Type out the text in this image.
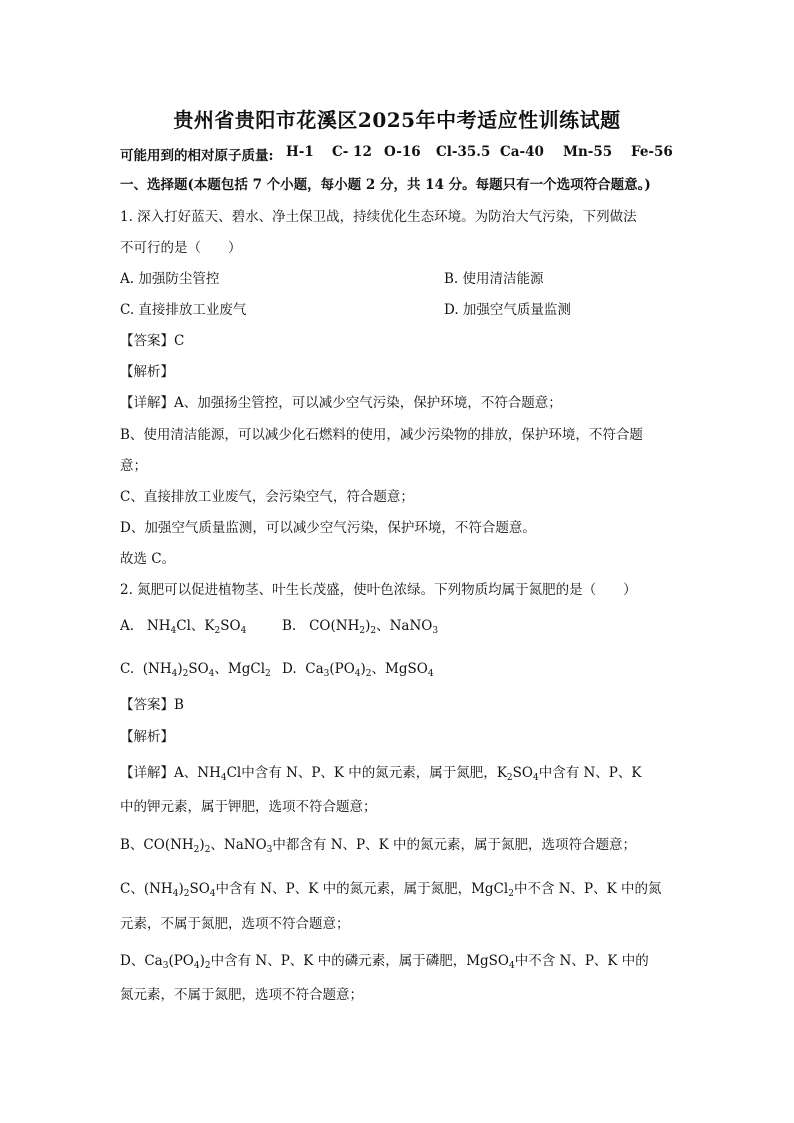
贵州省贵阳市花溪区2025年中考适应性训练试题
可能用到的相对原子质量: H-1 C- 12 O-16 Cl-35.5 Ca-40 Mn-55 Fe-56
一、选择题(本题包括 7 个小题，每小题 2 分，共 14 分。每题只有一个选项符合题意。)
1. 深入打好蓝天、碧水、净土保卫战，持续优化生态环境。为防治大气污染，下列做法
不可行的是（　　）
A. 加强防尘管控	B. 使用清洁能源
C. 直接排放工业废气	D. 加强空气质量监测
【答案】C
【解析】
【详解】A、加强扬尘管控，可以减少空气污染，保护环境，不符合题意；
B、使用清洁能源，可以减少化石燃料的使用，减少污染物的排放，保护环境，不符合题
意；
C、直接排放工业废气，会污染空气，符合题意；
D、加强空气质量监测，可以减少空气污染，保护环境，不符合题意。
故选 C。
2. 氮肥可以促进植物茎、叶生长茂盛，使叶色浓绿。下列物质均属于氮肥的是（　　）
A. $NH_4Cl$、$K_2SO_4$	B. $CO(NH_2)_2$、NaNO$_3$
C. $(NH_4)_2SO_4$、MgCl$_2$ D. $Ca_3(PO_4)_2$、MgSO$_4$
【答案】B
【解析】
【详解】A、$NH_4Cl$中含有 N、P、K 中的氮元素，属于氮肥，$K_2SO_4$中含有 N、P、K
中的钾元素，属于钾肥，选项不符合题意；
B、$CO(NH_2)_2$、NaNO$_3$中都含有 N、P、K 中的氮元素，属于氮肥，选项符合题意；
C、$(NH_4)_2SO_4$中含有 N、P、K 中的氮元素，属于氮肥，MgCl$_2$中不含 N、P、K 中的氮
元素，不属于氮肥，选项不符合题意；
D、$Ca_3(PO_4)_2$中含有 N、P、K 中的磷元素，属于磷肥，MgSO$_4$中不含 N、P、K 中的
氮元素，不属于氮肥，选项不符合题意；
